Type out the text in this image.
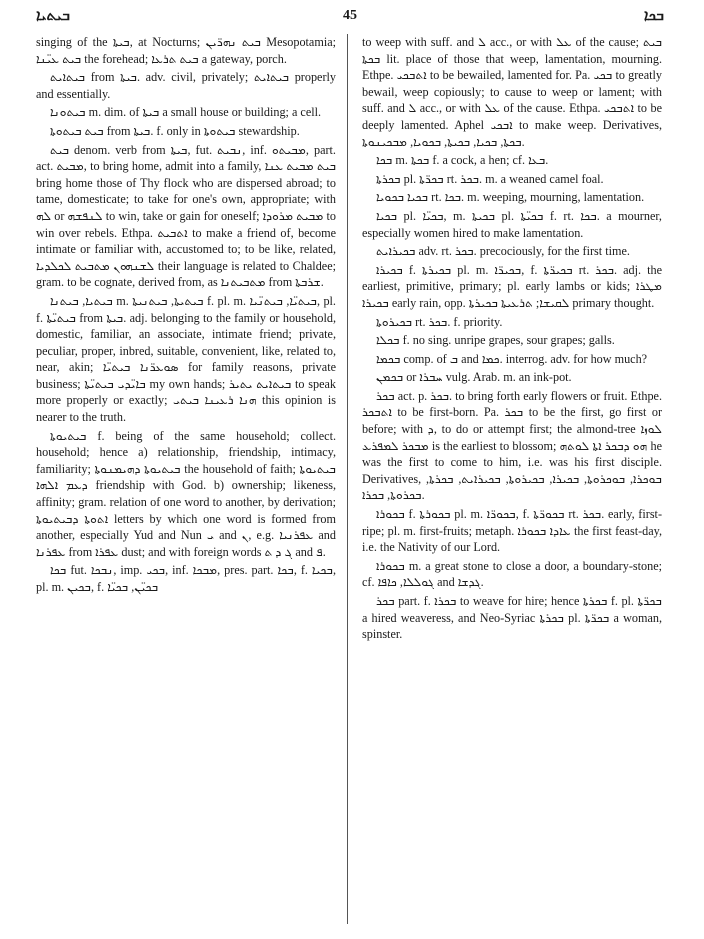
ܒܝܬܝܐ	45	ܒܟܐ

singing of the ܒܝܬܐ, at Nocturns; ܒܝܬ ܢܗܪ̈ܝܢ Mesopotamia; ܒܝܬ ܥܝ̈ܢܐ the forehead; ܒܝܬ ܬܪܥܐ a gateway, porch.

ܒܝܬܐܝܬ from ܒܝܬܐ. adv. civil, privately; ܒܝܬܐܝܬ properly and essentially.

ܒܝܬܘܢܐ m. dim. of ܒܝܬܐ a small house or building; a cell.

ܒܝܬ ܒܝܬܘܬܐ from ܒܝܬܐ. f. only in ܒܝܬܘܬܐ stewardship.

ܒܝܬ denom. verb from ܒܝܬܐ, fut. ܢܒܝܬ, inf. ܡܒܝܬܘ, part. act. ܡܒܝܬ, to bring home, admit into a family, ܒܝܬ ܡܒܝܬ ܥܢܐ bring home those of Thy flock who are dispersed abroad; to tame, domesticate; to take for one's own, appropriate; with ܠܗ or ܠܢܦܫܗ to win, take or gain for oneself; ܡܒܝܬ ܡܪܘܕܐ to win over rebels. Ethpa. ܐܬܒܝܬ to make a friend of, become intimate or familiar with, accustomed to; to be like, related, ܠܫܢܗܘܢ ܡܬܒܝܬ ܠܟܠܕܝܐ their language is related to Chaldee; gram. to be cognate, derived from, as ܡܬܒܝܬܢܐ from ܫܪܒܬܐ.

ܒܝܬܝܐ, ܒܝܬܢܐ m. ܒܝܬܝܬܐ, ܒܝܬܢܝܬܐ f. pl. m. ܒܝܬܝ̈ܐ, ܒܝܬܢ̈ܝܐ, pl. f. ܒܝܬܝ̈ܬܐ from ܒܝܬܐ. adj. belonging to the family or household, domestic, familiar, an associate, intimate friend; private, peculiar, proper, inbred, suitable, convenient, like, related to, near, akin; ܣܘܥܪ̈ܢܐ ܒܝܬܝ̈ܐ for family reasons, private business; ܒܐܝ̈ܕܝ ܒܝܬܝ̈ܬܐ my own hands; ܒܝܬܐܝܬ ܝܬܝܪ to speak more properly or exactly; ܗܢܐ ܪܥܝܢܐ ܒܝܬܝ this opinion is nearer to the truth.

ܒܝܬܝܘܬܐ f. being of the same household; collect. household; hence a) relationship, friendship, intimacy, familiarity; ܒܝܬܝܘܬܐ ܕܗܝܡܢܘܬܐ the household of faith; ܒܝܬܝܘܬܐ ܕܥܡ ܐܠܗܐ friendship with God. b) ownership; likeness, affinity; gram. relation of one word to another, by derivation; ܐܬܘܬܐ ܕܒܝܬܝܘܬܐ letters by which one word is formed from another, especially Yud and Nun ܝ and ܢ, e.g. ܥܦܪܢܝܐ and ܥܦܪܢܐ from ܥܦܪܐ dust; and with foreign words ܓ ܕ ܬ and ܦ.

ܒܟܐ fut. ܢܒܟܐ, imp. ܒܟܝ, inf. ܡܒܟܐ, pres. part. ܒܟܐ, f. ܒܟܝܐ, pl. m. ܒܟܝܢ, f. ܒܟܝ̈ܢ, ܒܟܝ̈ܐ

to weep with suff. and ܠ acc., or with ܥܠ of the cause; ܒܝܬ ܒܟܬܐ lit. place of those that weep, lamentation, mourning. Ethpe. ܐܬܒܟܝ to be bewailed, lamented for. Pa. ܒܟܝ to greatly bewail, weep copiously; to cause to weep or lament; with suff. and ܠ acc., or with ܥܠ of the cause. Ethpa. ܐܬܒܟܝ to be deeply lamented. Aphel ܐܒܟܝ to make weep. Derivatives, ܒܟܬܐ, ܒܟܝܐ, ܒܟܝܬܐ, ܒܟܘܝܐ, ܡܒܟܝܢܘܬܐ.

ܒܟܐ m. ܒܟܬܐ f. a cock, a hen; cf. ܒܥܐ.

ܒܟܪܬܐ pl. ܒܟܪ̈ܬܐ rt. ܒܟܪ. m. a weaned camel foal.

ܒܟܝܐ ܒܟܘܝܐ rt. ܒܟܐ. m. weeping, mourning, lamentation.

ܒܟܝܐ pl. ܒܟܝ̈ܐ, m. ܒܟܝܬܐ pl. ܒܟܝ̈ܬܐ f. rt. ܒܟܐ. a mourner, especially women hired to make lamentation.

ܒܟܝܪܐܝܬ adv. rt. ܒܟܪ. precociously, for the first time.

ܒܟܝܪܐ f. ܒܟܝܪܬܐ pl. m. ܒܟܝܪ̈ܐ, f. ܒܟܝܪ̈ܬܐ rt. ܒܟܪ. adj. the earliest, primitive, primary; pl. early lambs or kids; ܡܛܪܐ ܒܟܝܪܐ early rain, opp. ܠܩܝܫܐ; ܬܪܥܝܬܐ ܒܟܝܪܬܐ primary thought.

ܒܟܝܪܘܬܐ rt. ܒܟܪ. f. priority.

ܒܟܠܐ f. no sing. unripe grapes, sour grapes; galls.

ܒܟܡܐ comp. of ܒ and ܟܡܐ. interrog. adv. for how much?

ܒܟܡܢ or ܚܒܪܐ vulg. Arab. m. an ink-pot.

ܒܟܪ act. p. ܒܟܪ. to bring forth early flowers or fruit. Ethpe. ܐܬܒܟܪ to be first-born. Pa. ܒܟܪ to be the first, go first or before; with ܕ, to do or attempt first; the almond-tree ܠܘܙܐ ܡܒܟܪ ܠܡܦܪܥ is the earliest to blossom; ܗܘ ܕܒܟܪ ܐܬܐ ܠܘܬܗ he was the first to come to him, i.e. was his first disciple. Derivatives, ܒܘܟܪܐ, ܒܘܟܪܘܬܐ, ܒܟܝܪܐ, ܒܟܝܪܘܬܐ, ܒܟܝܪܐܝܬ, ܒܟܪܬܐ, ܒܟܪܘܬܐ, ܒܟܪܐ.

ܒܟܘܪܐ f. ܒܟܘܪܬܐ pl. m. ܒܟܘܪ̈ܐ, f. ܒܟܘܪ̈ܬܐ rt. ܒܟܪ. early, first-ripe; pl. m. first-fruits; metaph. ܥܐܕܐ ܒܟܘܪܐ the first feast-day, i.e. the Nativity of our Lord.

ܒܟܘܪܐ m. a great stone to close a door, a boundary-stone; cf. ܓܘܠܠܐ, ܟܐܦܐ and ܓܕܫܐ.

ܒܟܪ part. f. ܒܟܪܐ to weave for hire; hence ܒܟܪܬܐ f. pl. ܒܟܪ̈ܬܐ a hired weaveress, and Neo-Syriac ܒܟܪܬܐ pl. ܒܟܪ̈ܬܐ a woman, spinster.
